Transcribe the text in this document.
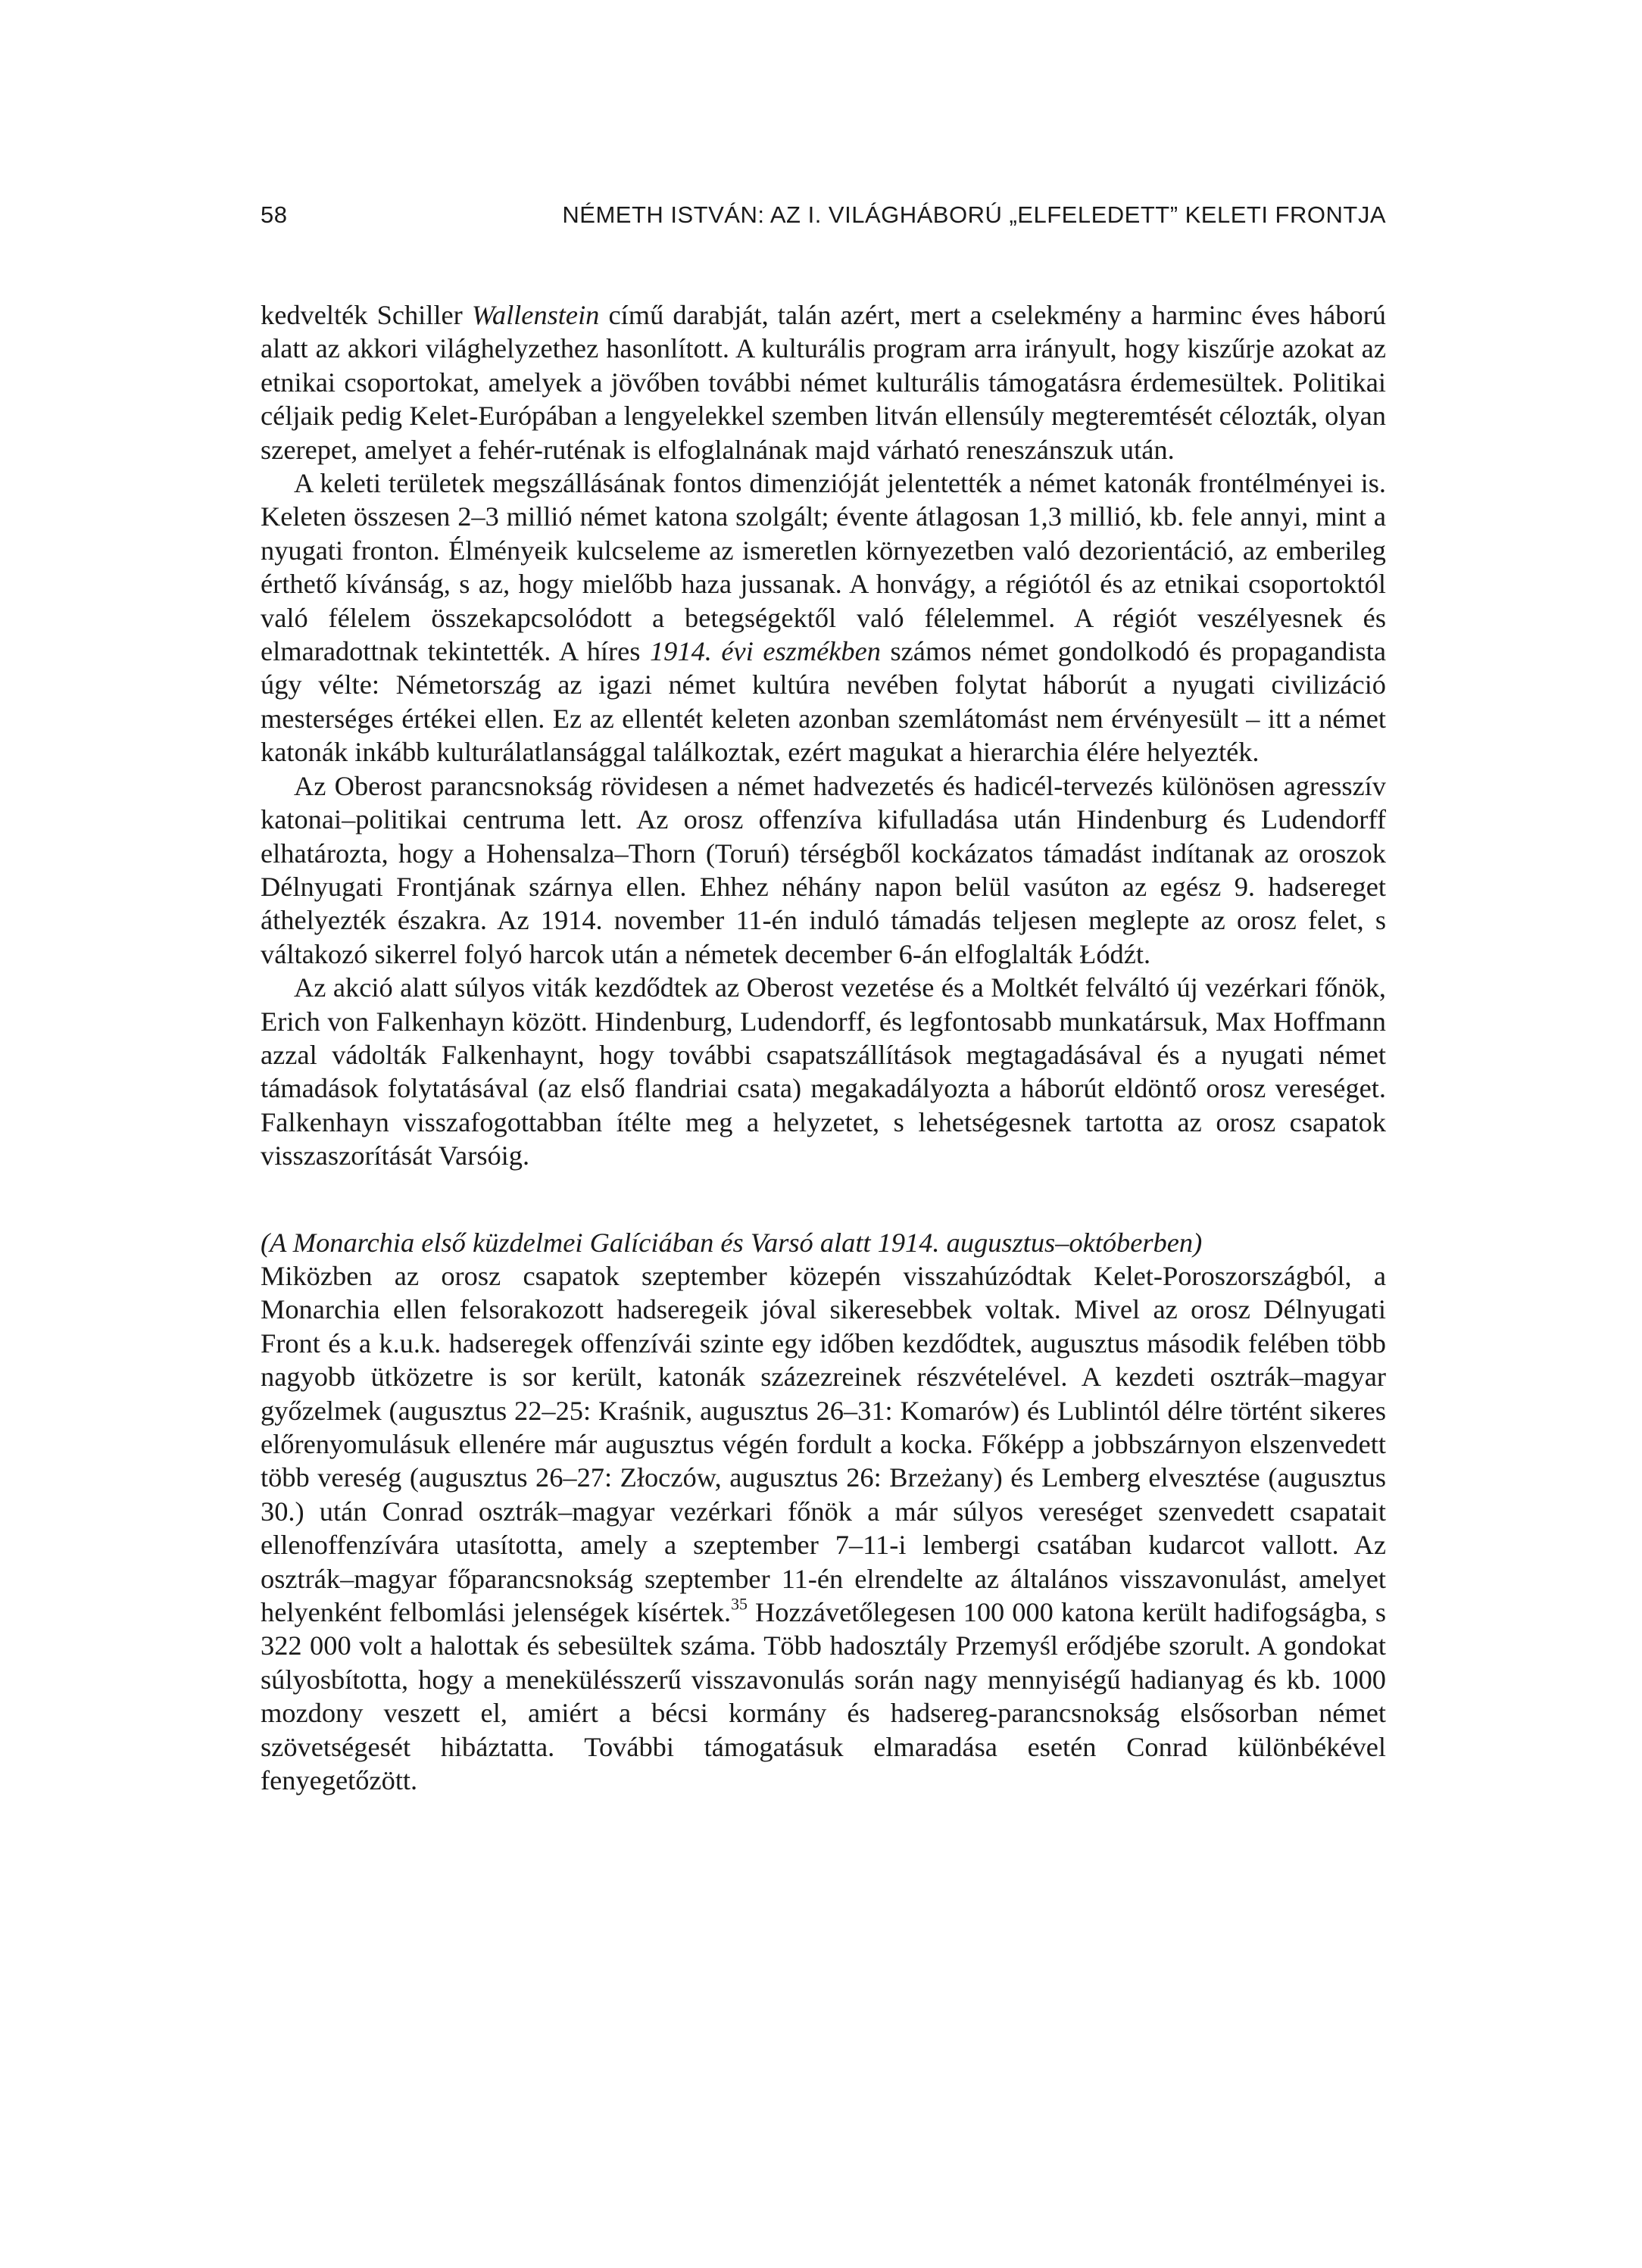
58	NÉMETH ISTVÁN: AZ I. VILÁGHÁBORÚ „ELFELEDETT” KELETI FRONTJA

kedvelték Schiller Wallenstein című darabját, talán azért, mert a cselekmény a harminc éves háború alatt az akkori világhelyzethez hasonlított. A kulturális program arra irányult, hogy kiszűrje azokat az etnikai csoportokat, amelyek a jövőben további német kulturális támogatásra érdemesültek. Politikai céljaik pedig Kelet-Európában a lengyelekkel szemben litván ellensúly megteremtését célozták, olyan szerepet, amelyet a fehér-ruténak is elfoglalnának majd várható reneszánszuk után.

A keleti területek megszállásának fontos dimenzióját jelentették a német katonák frontélményei is. Keleten összesen 2–3 millió német katona szolgált; évente átlagosan 1,3 millió, kb. fele annyi, mint a nyugati fronton. Élményeik kulcseleme az ismeretlen környezetben való dezorientáció, az emberileg érthető kívánság, s az, hogy mielőbb haza jussanak. A honvágy, a régiótól és az etnikai csoportoktól való félelem összekapcsolódott a betegségektől való félelemmel. A régiót veszélyesnek és elmaradottnak tekintették. A híres 1914. évi eszmékben számos német gondolkodó és propagandista úgy vélte: Németország az igazi német kultúra nevében folytat háborút a nyugati civilizáció mesterséges értékei ellen. Ez az ellentét keleten azonban szemlátomást nem érvényesült – itt a német katonák inkább kulturálatlansággal találkoztak, ezért magukat a hierarchia élére helyezték.

Az Oberost parancsnokság rövidesen a német hadvezetés és hadicél-tervezés különösen agresszív katonai–politikai centruma lett. Az orosz offenzíva kifulladása után Hindenburg és Ludendorff elhatározta, hogy a Hohensalza–Thorn (Toruń) térségből kockázatos támadást indítanak az oroszok Délnyugati Frontjának szárnya ellen. Ehhez néhány napon belül vasúton az egész 9. hadsereget áthelyezték északra. Az 1914. november 11-én induló támadás teljesen meglepte az orosz felet, s váltakozó sikerrel folyó harcok után a németek december 6-án elfoglalták Łódźt.

Az akció alatt súlyos viták kezdődtek az Oberost vezetése és a Moltkét felváltó új vezérkari főnök, Erich von Falkenhayn között. Hindenburg, Ludendorff, és legfontosabb munkatársuk, Max Hoffmann azzal vádolták Falkenhaynt, hogy további csapatszállítások megtagadásával és a nyugati német támadások folytatásával (az első flandriai csata) megakadályozta a háborút eldöntő orosz vereséget. Falkenhayn visszafogottabban ítélte meg a helyzetet, s lehetségesnek tartotta az orosz csapatok visszaszorítását Varsóig.

(A Monarchia első küzdelmei Galíciában és Varsó alatt 1914. augusztus–októberben)
Miközben az orosz csapatok szeptember közepén visszahúzódtak Kelet-Poroszországból, a Monarchia ellen felsorakozott hadseregeik jóval sikeresebbek voltak. Mivel az orosz Délnyugati Front és a k.u.k. hadseregek offenzívái szinte egy időben kezdődtek, augusztus második felében több nagyobb ütközetre is sor került, katonák százezreinek részvételével. A kezdeti osztrák–magyar győzelmek (augusztus 22–25: Kraśnik, augusztus 26–31: Komarów) és Lublintól délre történt sikeres előrenyomulásuk ellenére már augusztus végén fordult a kocka. Főképp a jobbszárnyon elszenvedett több vereség (augusztus 26–27: Złoczów, augusztus 26: Brzeżany) és Lemberg elvesztése (augusztus 30.) után Conrad osztrák–magyar vezérkari főnök a már súlyos vereséget szenvedett csapatait ellenoffenzívára utasította, amely a szeptember 7–11-i lembergi csatában kudarcot vallott. Az osztrák–magyar főparancsnokság szeptember 11-én elrendelte az általános visszavonulást, amelyet helyenként felbomlási jelenségek kísértek.$^{35}$ Hozzávetőlegesen 100 000 katona került hadifogságba, s 322 000 volt a halottak és sebesültek száma. Több hadosztály Przemyśl erődjébe szorult. A gondokat súlyosbította, hogy a menekülésszerű visszavonulás során nagy mennyiségű hadianyag és kb. 1000 mozdony veszett el, amiért a bécsi kormány és hadsereg-parancsnokság elsősorban német szövetségesét hibáztatta. További támogatásuk elmaradása esetén Conrad különbékével fenyegetőzött.
